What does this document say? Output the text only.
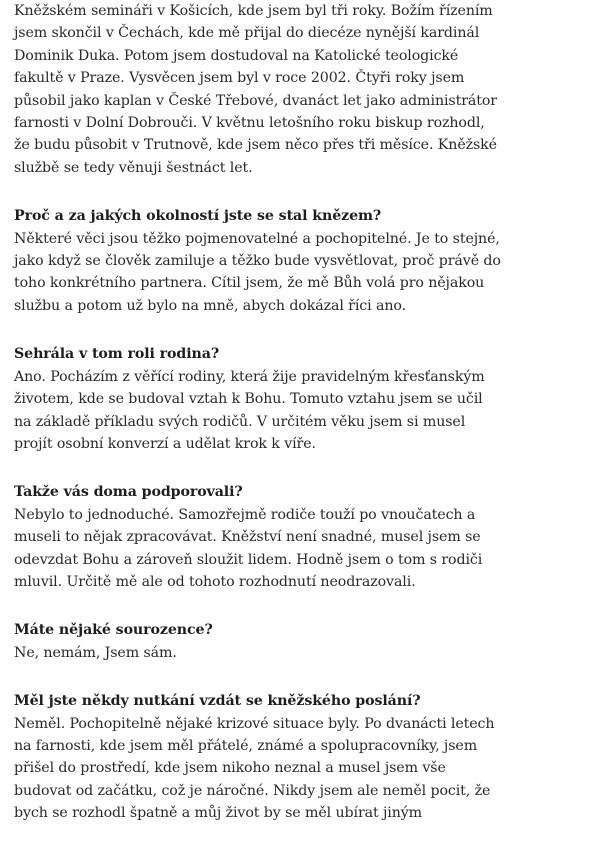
Kněžském semináři v Košicích, kde jsem byl tři roky. Božím řízením jsem skončil v Čechách, kde mě přijal do diecéze nynější kardinál Dominik Duka. Potom jsem dostudoval na Katolické teologické fakultě v Praze. Vysvěcen jsem byl v roce 2002. Čtyři roky jsem působil jako kaplan v České Třebové, dvanáct let jako administrátor farnosti v Dolní Dobrouči. V květnu letošního roku biskup rozhodl, že budu působit v Trutnově, kde jsem něco přes tři měsíce. Kněžské službě se tedy věnuji šestnáct let.

Proč a za jakých okolností jste se stal knězem?

Některé věci jsou těžko pojmenovatelné a pochopitelné. Je to stejné, jako když se člověk zamiluje a těžko bude vysvětlovat, proč právě do toho konkrétního partnera. Cítil jsem, že mě Bůh volá pro nějakou službu a potom už bylo na mně, abych dokázal říci ano.

Sehrála v tom roli rodina?

Ano. Pocházím z věřící rodiny, která žije pravidelným křesťanským životem, kde se budoval vztah k Bohu. Tomuto vztahu jsem se učil na základě příkladu svých rodičů. V určitém věku jsem si musel projít osobní konverzí a udělat krok k víře.

Takže vás doma podporovali?

Nebylo to jednoduché. Samozřejmě rodiče touží po vnoučatech a museli to nějak zpracovávat. Kněžství není snadné, musel jsem se odevzdat Bohu a zároveň sloužit lidem. Hodně jsem o tom s rodiči mluvil. Určitě mě ale od tohoto rozhodnutí neodrazovali.

Máte nějaké sourozence?

Ne, nemám, Jsem sám.

Měl jste někdy nutkání vzdát se kněžského poslání?

Neměl. Pochopitelně nějaké krizové situace byly. Po dvanácti letech na farnosti, kde jsem měl přátelé, známé a spolupracovníky, jsem přišel do prostředí, kde jsem nikoho neznal a musel jsem vše budovat od začátku, což je náročné. Nikdy jsem ale neměl pocit, že bych se rozhodl špatně a můj život by se měl ubírat jiným
